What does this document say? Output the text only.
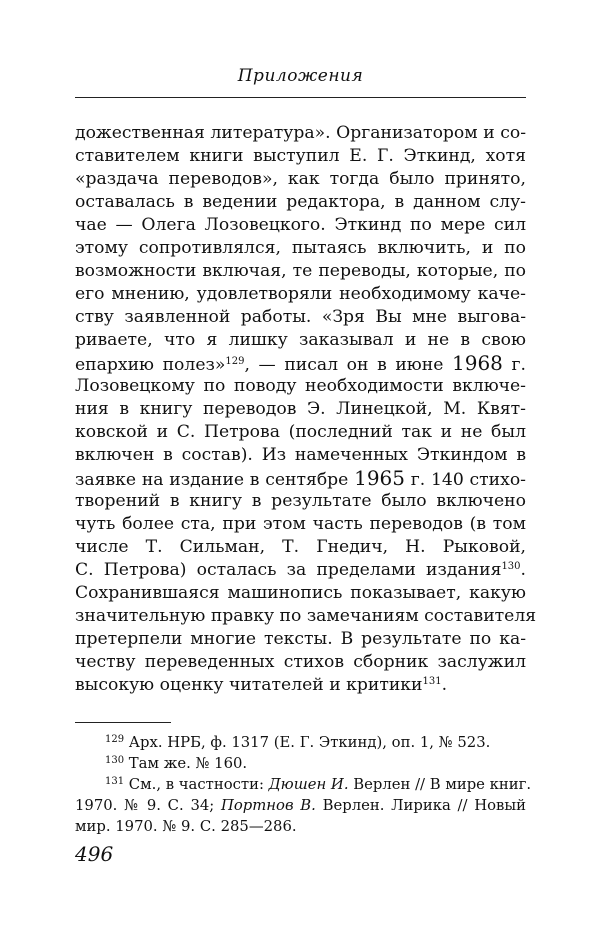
Приложения
дожественная литература». Организатором и со-
ставителем книги выступил Е. Г. Эткинд, хотя
«раздача переводов», как тогда было принято,
оставалась в ведении редактора, в данном слу-
чае — Олега Лозовецкого. Эткинд по мере сил
этому сопротивлялся, пытаясь включить, и по
возможности включая, те переводы, которые, по
его мнению, удовлетворяли необходимому каче-
ству заявленной работы. «Зря Вы мне выгова-
риваете, что я лишку заказывал и не в свою
епархию полез»$^{129}$, — писал он в июне 1968 г.
Лозовецкому по поводу необходимости включе-
ния в книгу переводов Э. Линецкой, М. Квят-
ковской и С. Петрова (последний так и не был
включен в состав). Из намеченных Эткиндом в
заявке на издание в сентябре 1965 г. 140 стихо-
творений в книгу в результате было включено
чуть более ста, при этом часть переводов (в том
числе Т. Сильман, Т. Гнедич, Н. Рыковой,
С. Петрова) осталась за пределами издания$^{130}$.
Сохранившаяся машинопись показывает, какую
значительную правку по замечаниям составителя
претерпели многие тексты. В результате по ка-
честву переведенных стихов сборник заслужил
высокую оценку читателей и критики$^{131}$.
$^{129}$ Арх. НРБ, ф. 1317 (Е. Г. Эткинд), оп. 1, № 523.
$^{130}$ Там же. № 160.
$^{131}$ См., в частности: Дюшен И. Верлен // В мире книг.
1970. № 9. С. 34; Портнов В. Верлен. Лирика // Новый
мир. 1970. № 9. С. 285—286.
496
